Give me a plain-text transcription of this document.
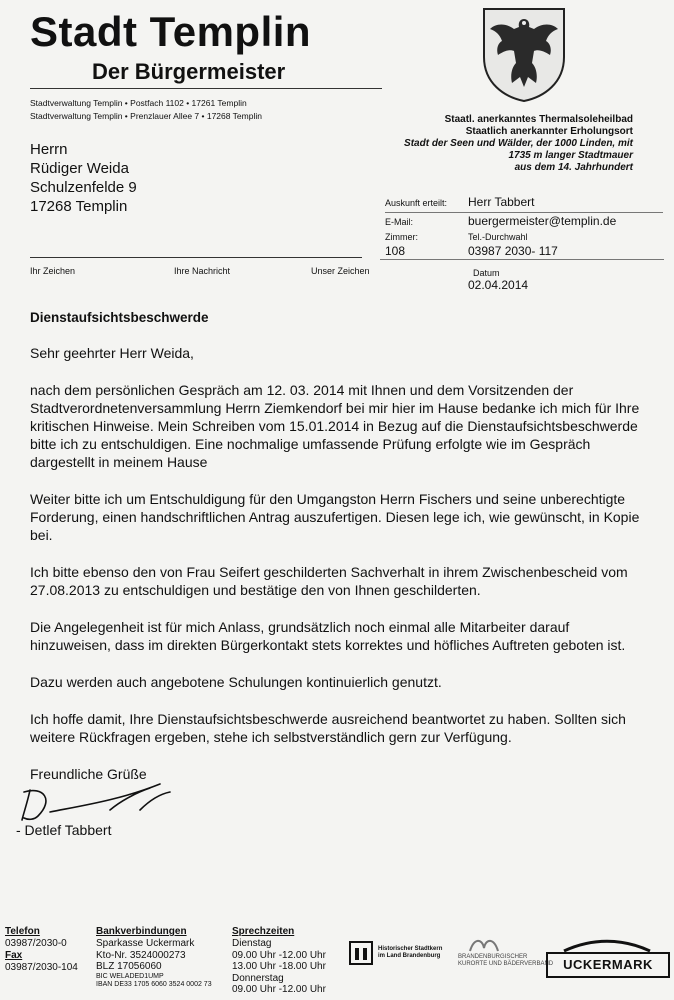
Stadt Templin
Der Bürgermeister
Stadtverwaltung Templin • Postfach 1102 • 17261 Templin
Stadtverwaltung Templin • Prenzlauer Allee 7 • 17268 Templin	Staatl. anerkanntes Thermalsoleheilbad
Staatlich anerkannter Erholungsort
Stadt der Seen und Wälder, der 1000 Linden, mit
1735 m langer Stadtmauer
aus dem 14. Jahrhundert
Herrn
Rüdiger Weida
Schulzenfelde 9
17268 Templin	Auskunft erteilt: Herr Tabbert
E-Mail:	buergermeister@templin.de
Zimmer:	Tel.-Durchwahl
108	03987 2030- 117
Ihr Zeichen	Ihre Nachricht	Unser Zeichen	Datum
02.04.2014
Dienstaufsichtsbeschwerde

Sehr geehrter Herr Weida,

nach dem persönlichen Gespräch am 12. 03. 2014 mit Ihnen und dem Vorsitzenden der Stadtverordnetenversammlung Herrn Ziemkendorf bei mir hier im Hause bedanke ich mich für Ihre kritischen Hinweise. Mein Schreiben vom 15.01.2014 in Bezug auf die Dienstaufsichtsbeschwerde bitte ich zu entschuldigen. Eine nochmalige umfassende Prüfung erfolgte wie im Gespräch dargestellt in meinem Hause

Weiter bitte ich um Entschuldigung für den Umgangston Herrn Fischers und seine unberechtigte Forderung, einen handschriftlichen Antrag auszufertigen. Diesen lege ich, wie gewünscht, in Kopie bei.

Ich bitte ebenso den von Frau Seifert geschilderten Sachverhalt in ihrem Zwischenbescheid vom 27.08.2013 zu entschuldigen und bestätige den von Ihnen geschilderten.

Die Angelegenheit ist für mich Anlass, grundsätzlich noch einmal alle Mitarbeiter darauf hinzuweisen, dass im direkten Bürgerkontakt stets korrektes und höfliches Auftreten geboten ist.

Dazu werden auch angebotene Schulungen kontinuierlich genutzt.

Ich hoffe damit, Ihre Dienstaufsichtsbeschwerde ausreichend beantwortet zu haben. Sollten sich weitere Rückfragen ergeben, stehe ich selbstverständlich gern zur Verfügung.

Freundliche Grüße
- Detlef Tabbert
Telefon
03987/2030-0
Fax
03987/2030-104
Bankverbindungen
Sparkasse Uckermark
Kto-Nr. 3524000273
BLZ 17056060
BIC WELADED1UMP
IBAN DE33 1705 6060 3524 0002 73
Sprechzeiten
Dienstag
09.00 Uhr -12.00 Uhr
13.00 Uhr -18.00 Uhr
Donnerstag
09.00 Uhr -12.00 Uhr
Historischer Stadtkern
im Land Brandenburg	BRANDENBURGISCHER
KURORTE UND BÄDERVERBAND UCKERMARK
